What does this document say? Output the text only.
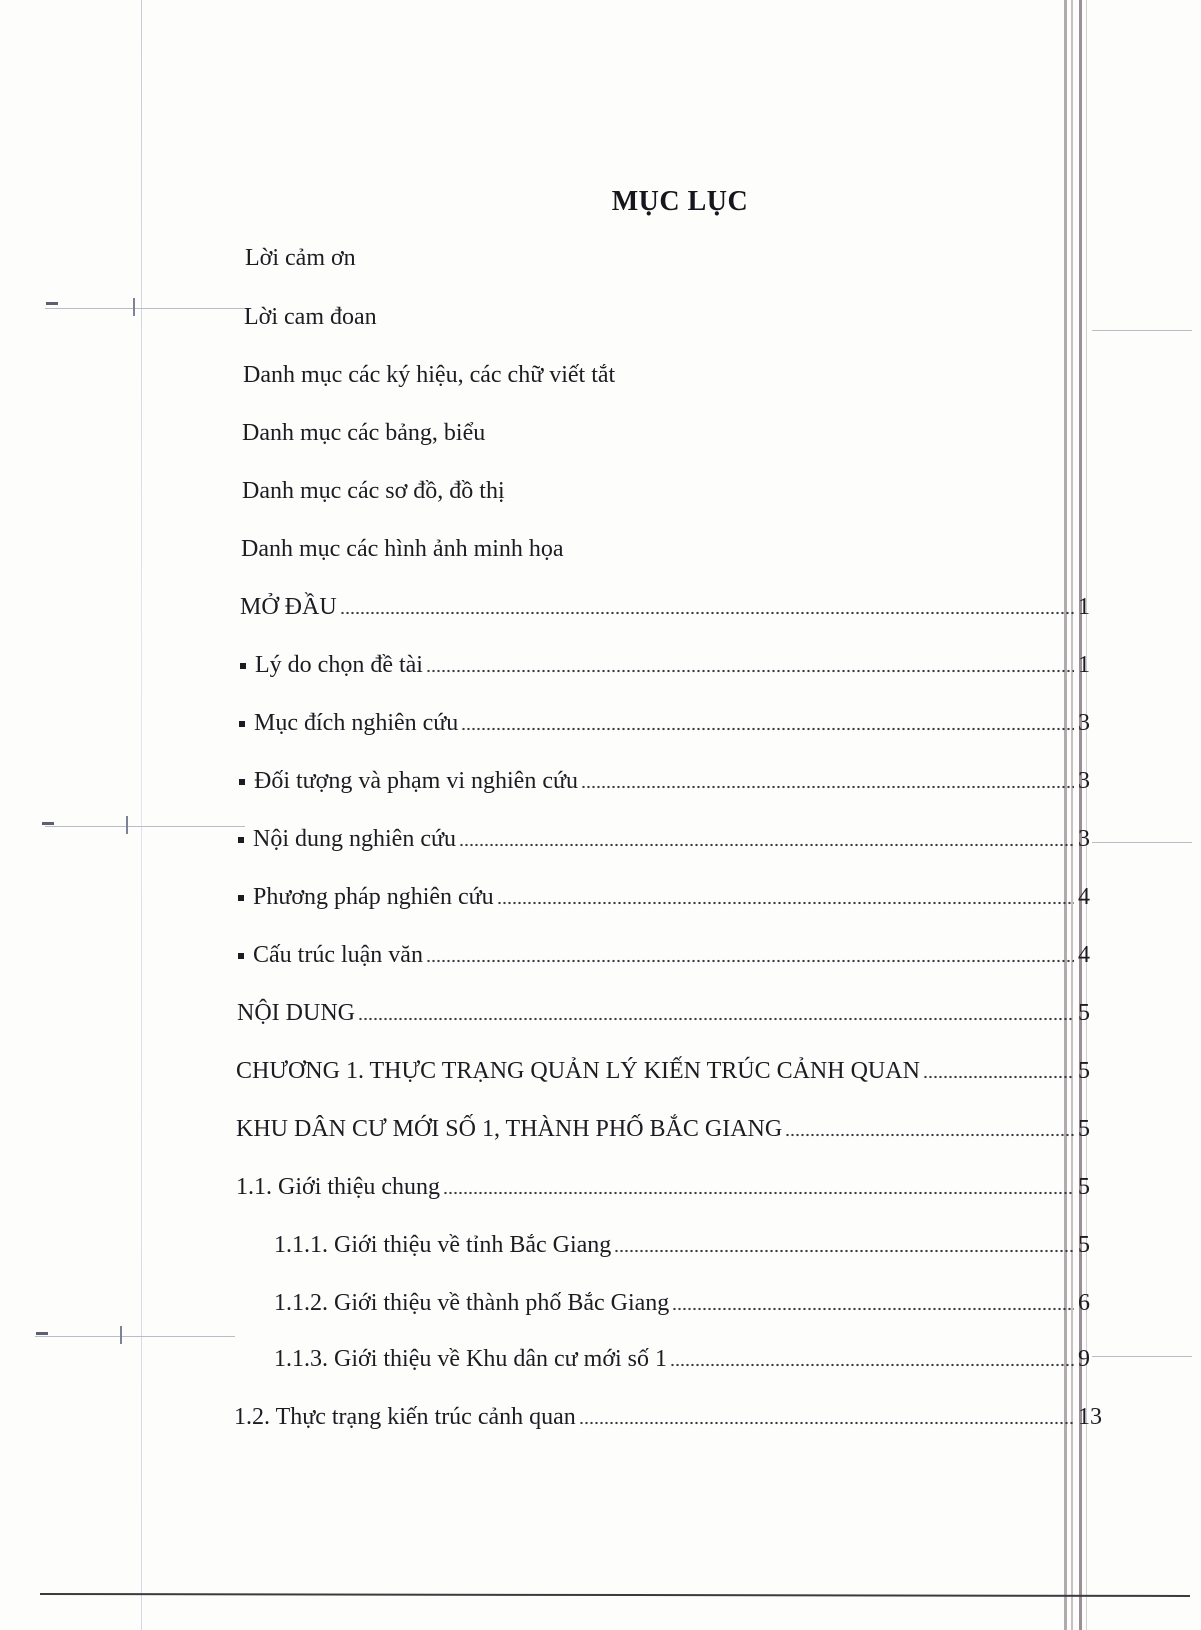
MỤC LỤC
Lời cảm ơn
Lời cam đoan
Danh mục các ký hiệu, các chữ viết tắt
Danh mục các bảng, biểu
Danh mục các sơ đồ, đồ thị
Danh mục các hình ảnh minh họa
MỞ ĐẦU	1
Lý do chọn đề tài	1
Mục đích nghiên cứu	3
Đối tượng và phạm vi nghiên cứu	3
Nội dung nghiên cứu	3
Phương pháp nghiên cứu	4
Cấu trúc luận văn	4
NỘI DUNG	5
CHƯƠNG 1. THỰC TRẠNG QUẢN LÝ KIẾN TRÚC CẢNH QUAN	5
KHU DÂN CƯ MỚI SỐ 1, THÀNH PHỐ BẮC GIANG	5
1.1. Giới thiệu chung	5
1.1.1. Giới thiệu về tỉnh Bắc Giang	5
1.1.2. Giới thiệu về thành phố Bắc Giang	6
1.1.3. Giới thiệu về Khu dân cư mới số 1	9
1.2. Thực trạng kiến trúc cảnh quan	13
